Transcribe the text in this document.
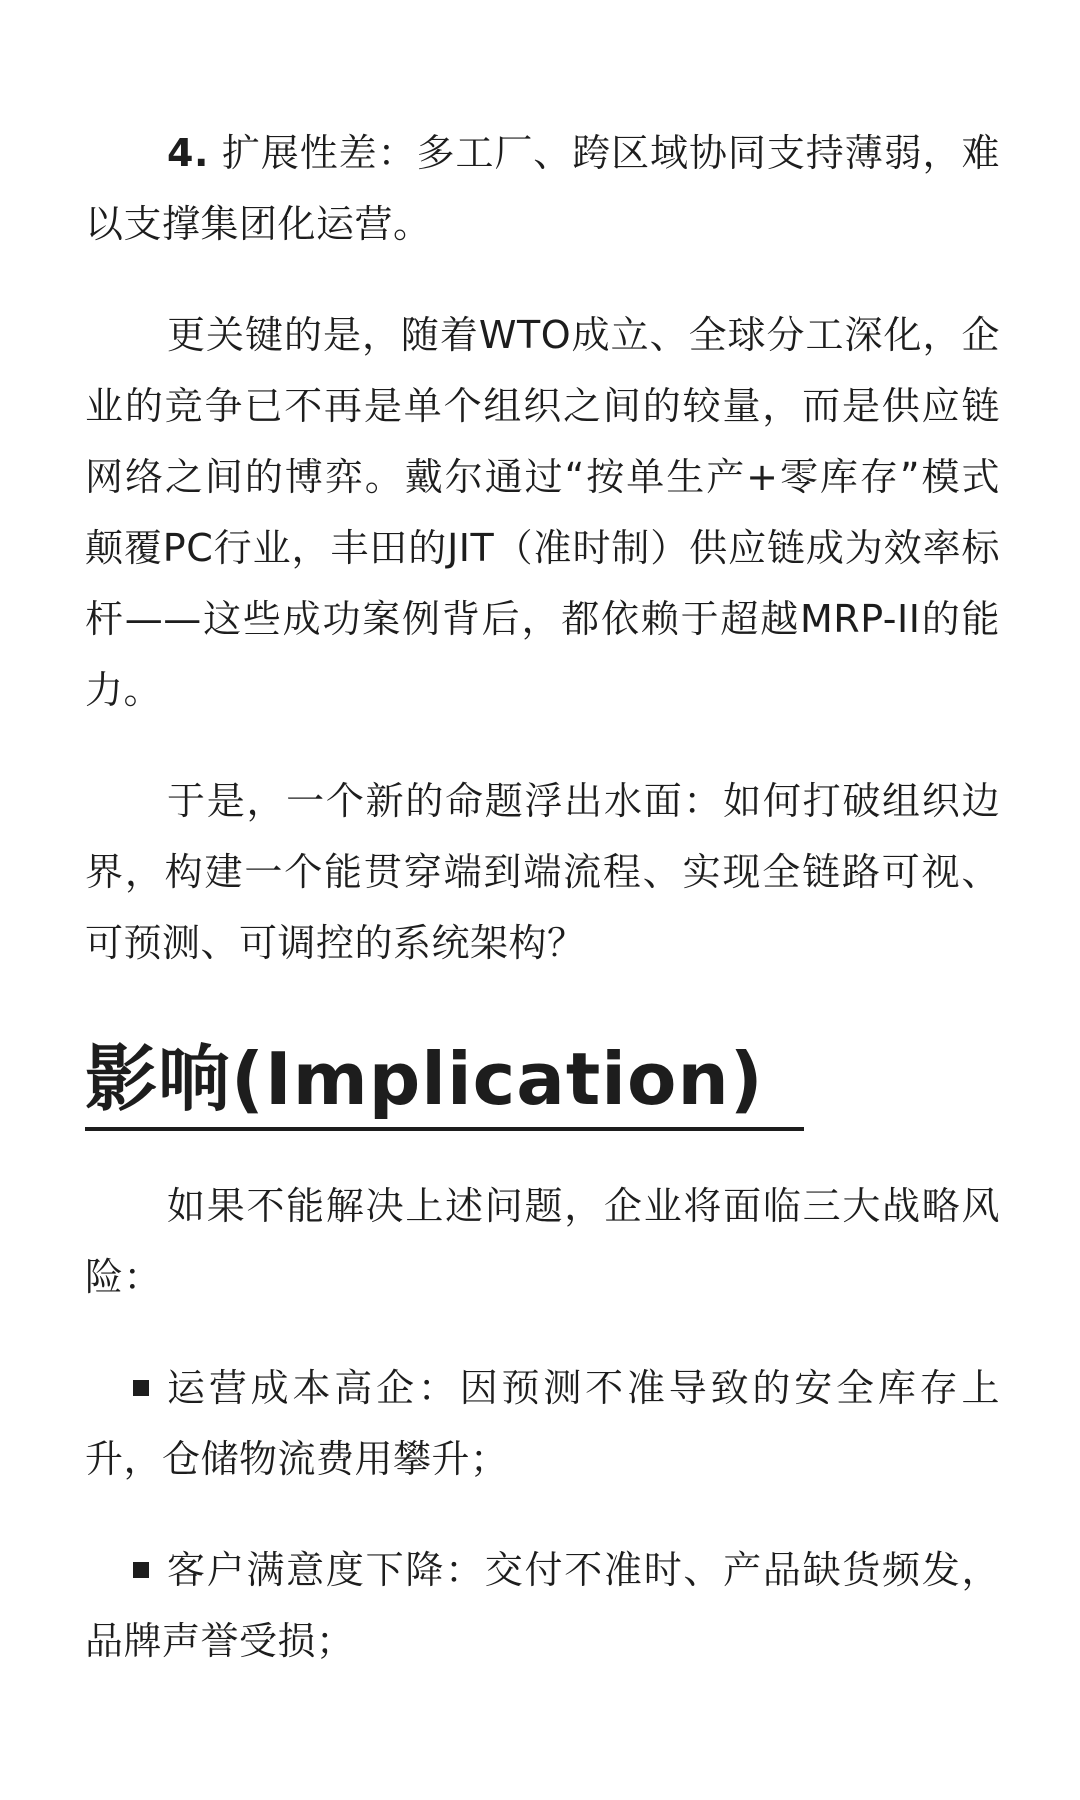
4. 扩展性差：多工厂、跨区域协同支持薄弱，难以支撑集团化运营。

更关键的是，随着WTO成立、全球分工深化，企业的竞争已不再是单个组织之间的较量，而是供应链网络之间的博弈。戴尔通过“按单生产+零库存”模式颠覆PC行业，丰田的JIT（准时制）供应链成为效率标杆——这些成功案例背后，都依赖于超越MRP-II的能力。

于是，一个新的命题浮出水面：如何打破组织边界，构建一个能贯穿端到端流程、实现全链路可视、可预测、可调控的系统架构？

影响(Implication)

如果不能解决上述问题，企业将面临三大战略风险：

运营成本高企：因预测不准导致的安全库存上升，仓储物流费用攀升；
客户满意度下降：交付不准时、产品缺货频发，品牌声誉受损；
